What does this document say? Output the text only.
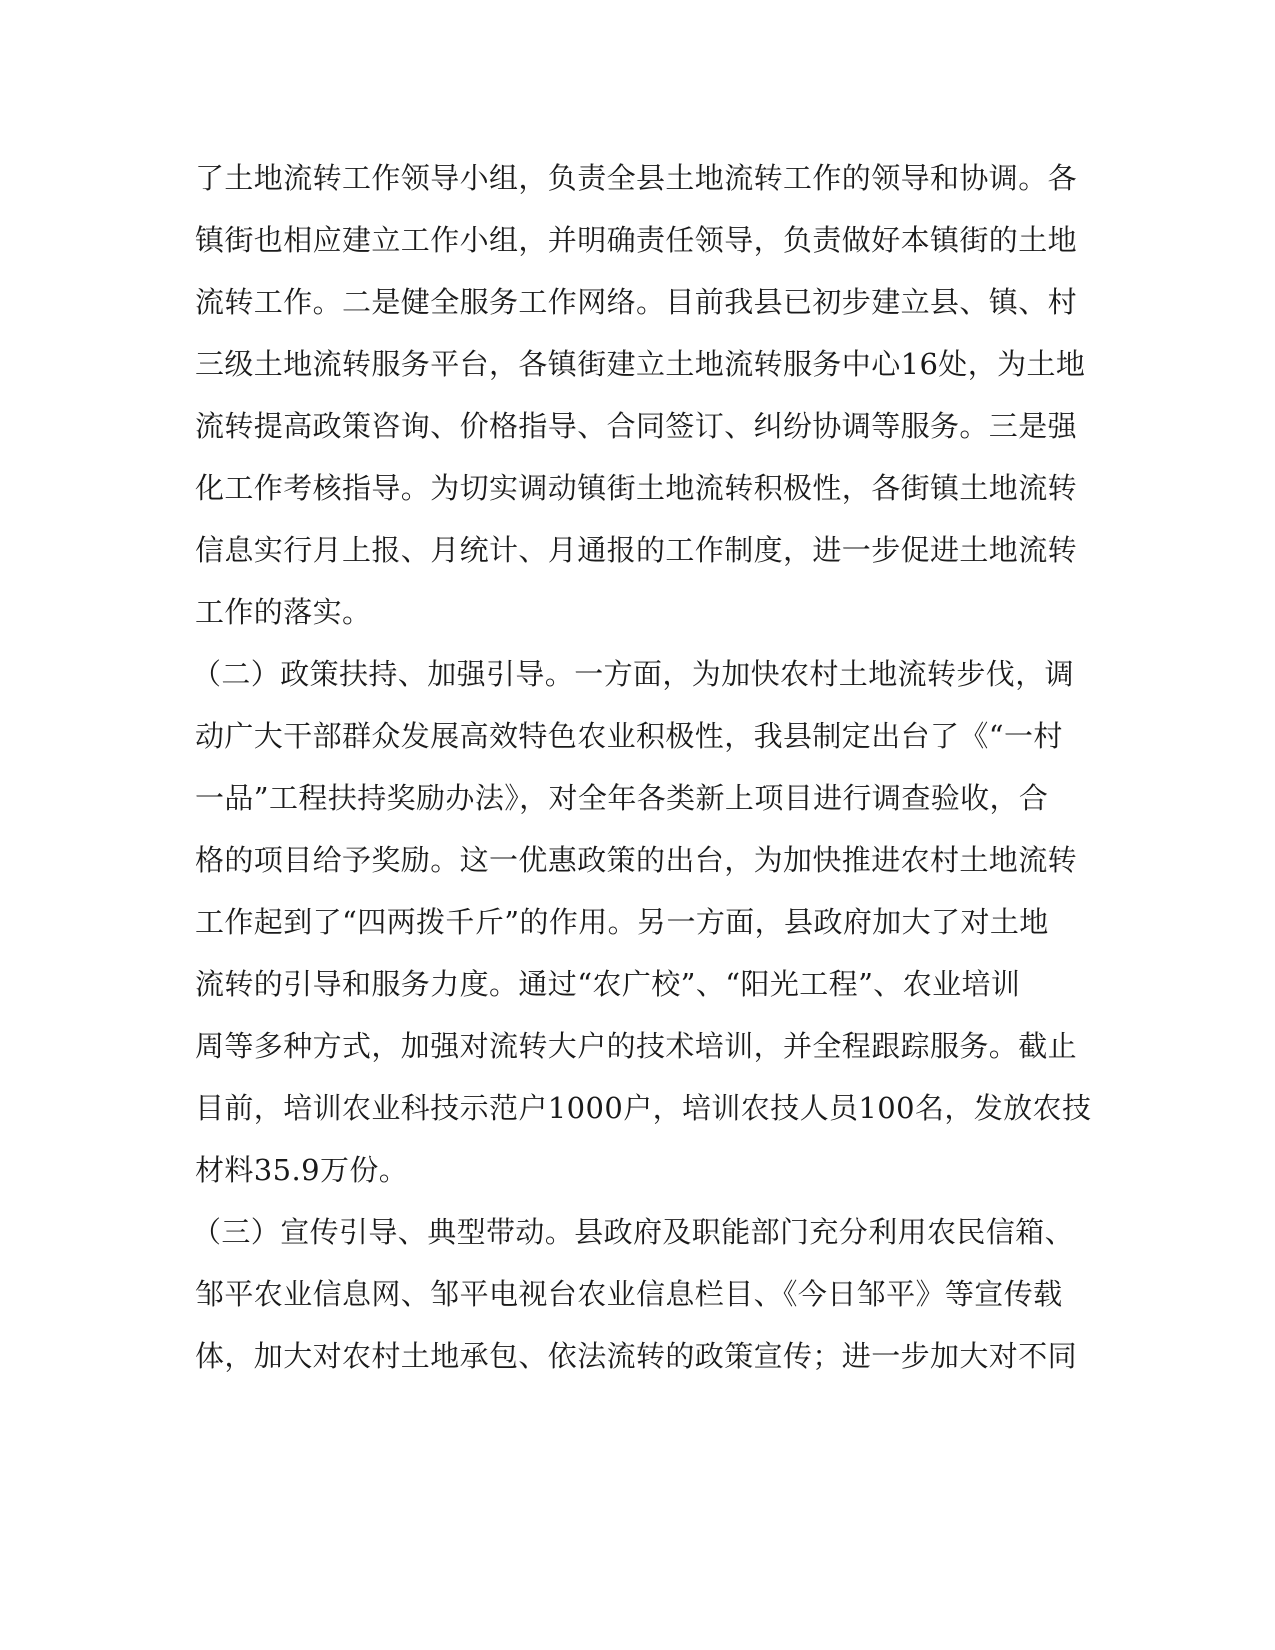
了土地流转工作领导小组，负责全县土地流转工作的领导和协调。各
镇街也相应建立工作小组，并明确责任领导，负责做好本镇街的土地
流转工作。二是健全服务工作网络。目前我县已初步建立县、镇、村
三级土地流转服务平台，各镇街建立土地流转服务中心16处，为土地
流转提高政策咨询、价格指导、合同签订、纠纷协调等服务。三是强
化工作考核指导。为切实调动镇街土地流转积极性，各街镇土地流转
信息实行月上报、月统计、月通报的工作制度，进一步促进土地流转
工作的落实。
（二）政策扶持、加强引导。一方面，为加快农村土地流转步伐，调
动广大干部群众发展高效特色农业积极性，我县制定出台了《“一村
一品”工程扶持奖励办法》，对全年各类新上项目进行调查验收，合
格的项目给予奖励。这一优惠政策的出台，为加快推进农村土地流转
工作起到了“四两拨千斤”的作用。另一方面，县政府加大了对土地
流转的引导和服务力度。通过“农广校”、“阳光工程”、农业培训
周等多种方式，加强对流转大户的技术培训，并全程跟踪服务。截止
目前，培训农业科技示范户1000户，培训农技人员100名，发放农技
材料35.9万份。
（三）宣传引导、典型带动。县政府及职能部门充分利用农民信箱、
邹平农业信息网、邹平电视台农业信息栏目、《今日邹平》等宣传载
体，加大对农村土地承包、依法流转的政策宣传；进一步加大对不同
